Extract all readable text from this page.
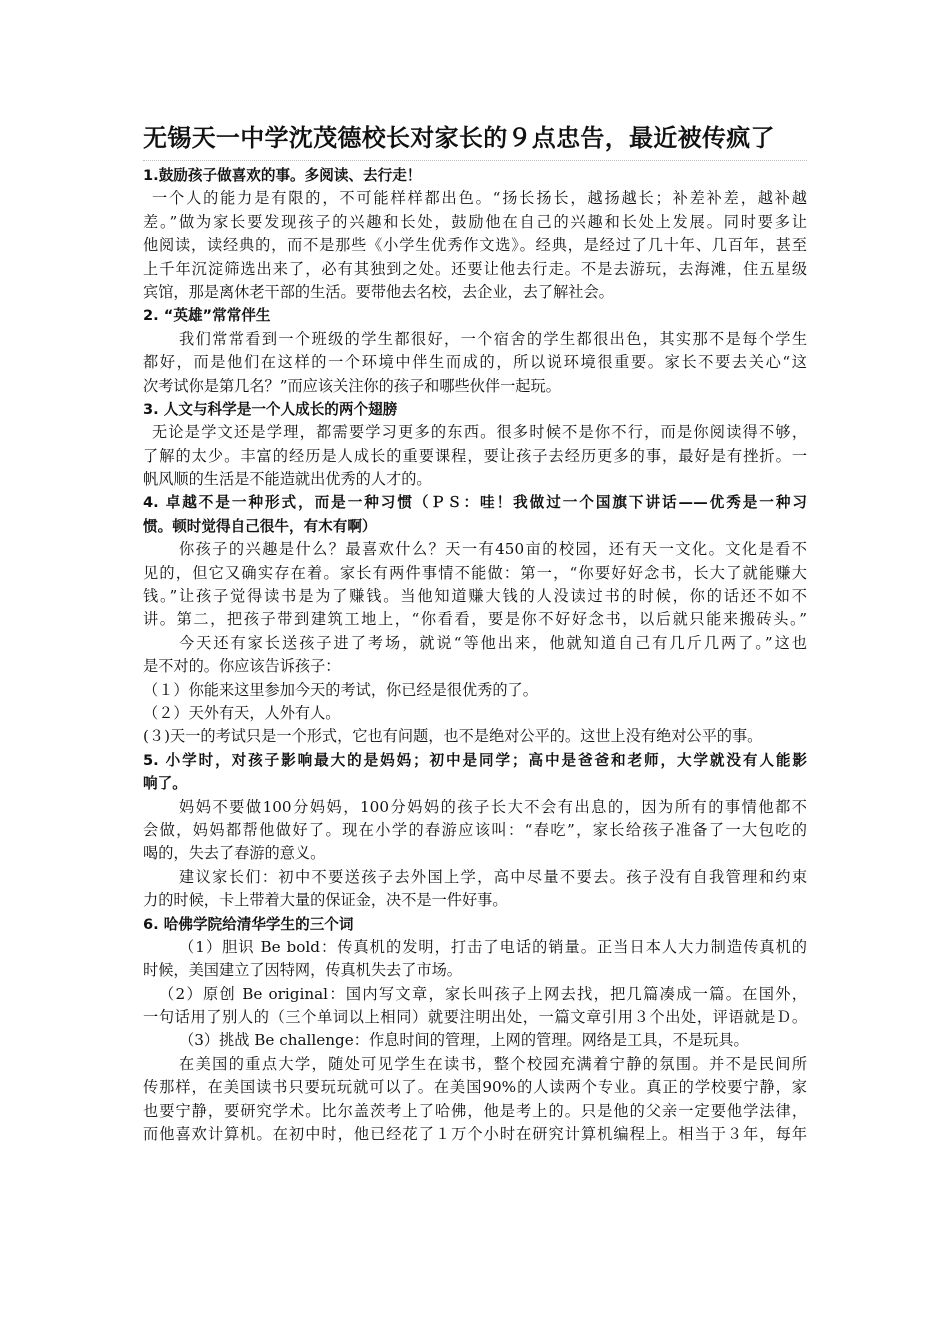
无锡天一中学沈茂德校长对家长的９点忠告，最近被传疯了
1.鼓励孩子做喜欢的事。多阅读、去行走！
一个人的能力是有限的，不可能样样都出色。“扬长扬长，越扬越长；补差补差，越补越
差。”做为家长要发现孩子的兴趣和长处，鼓励他在自己的兴趣和长处上发展。同时要多让
他阅读，读经典的，而不是那些《小学生优秀作文选》。经典，是经过了几十年、几百年，甚至
上千年沉淀筛选出来了，必有其独到之处。还要让他去行走。不是去游玩，去海滩，住五星级
宾馆，那是离休老干部的生活。要带他去名校，去企业，去了解社会。
2. “英雄”常常伴生
我们常常看到一个班级的学生都很好，一个宿舍的学生都很出色，其实那不是每个学生
都好，而是他们在这样的一个环境中伴生而成的，所以说环境很重要。家长不要去关心“这
次考试你是第几名？”而应该关注你的孩子和哪些伙伴一起玩。
3. 人文与科学是一个人成长的两个翅膀
无论是学文还是学理，都需要学习更多的东西。很多时候不是你不行，而是你阅读得不够，
了解的太少。丰富的经历是人成长的重要课程，要让孩子去经历更多的事，最好是有挫折。一
帆风顺的生活是不能造就出优秀的人才的。
4. 卓越不是一种形式，而是一种习惯（ＰＳ：哇！我做过一个国旗下讲话——优秀是一种习
惯。顿时觉得自己很牛，有木有啊）
你孩子的兴趣是什么？最喜欢什么？天一有450亩的校园，还有天一文化。文化是看不
见的，但它又确实存在着。家长有两件事情不能做：第一，“你要好好念书，长大了就能赚大
钱。”让孩子觉得读书是为了赚钱。当他知道赚大钱的人没读过书的时候，你的话还不如不
讲。第二，把孩子带到建筑工地上，“你看看，要是你不好好念书，以后就只能来搬砖头。”
今天还有家长送孩子进了考场，就说“等他出来，他就知道自己有几斤几两了。”这也
是不对的。你应该告诉孩子：
（１）你能来这里参加今天的考试，你已经是很优秀的了。
（２）天外有天，人外有人。
(３)天一的考试只是一个形式，它也有问题，也不是绝对公平的。这世上没有绝对公平的事。
5. 小学时，对孩子影响最大的是妈妈；初中是同学；高中是爸爸和老师，大学就没有人能影
响了。
妈妈不要做100分妈妈，100分妈妈的孩子长大不会有出息的，因为所有的事情他都不
会做，妈妈都帮他做好了。现在小学的春游应该叫：“春吃”，家长给孩子准备了一大包吃的
喝的，失去了春游的意义。
建议家长们：初中不要送孩子去外国上学，高中尽量不要去。孩子没有自我管理和约束
力的时候，卡上带着大量的保证金，决不是一件好事。
6. 哈佛学院给清华学生的三个词
（1）胆识 Be bold：传真机的发明，打击了电话的销量。正当日本人大力制造传真机的
时候，美国建立了因特网，传真机失去了市场。
（2）原创 Be original：国内写文章，家长叫孩子上网去找，把几篇凑成一篇。在国外，
一句话用了别人的（三个单词以上相同）就要注明出处，一篇文章引用３个出处，评语就是Ｄ。
（3）挑战 Be challenge：作息时间的管理，上网的管理。网络是工具，不是玩具。
在美国的重点大学，随处可见学生在读书，整个校园充满着宁静的氛围。并不是民间所
传那样，在美国读书只要玩玩就可以了。在美国90%的人读两个专业。真正的学校要宁静，家
也要宁静，要研究学术。比尔盖茨考上了哈佛，他是考上的。只是他的父亲一定要他学法律，
而他喜欢计算机。在初中时，他已经花了１万个小时在研究计算机编程上。相当于３年，每年
